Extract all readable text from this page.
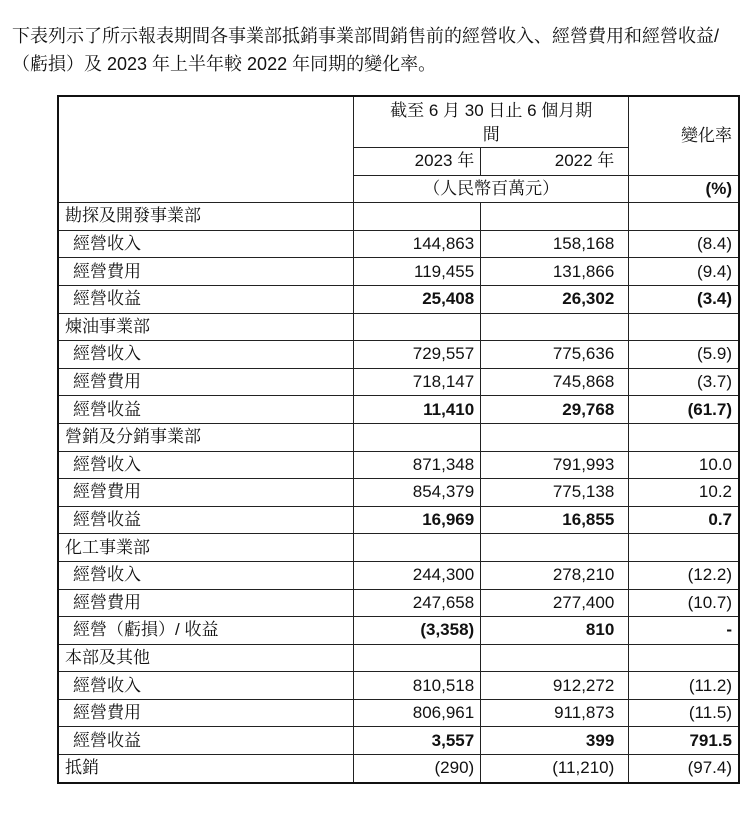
下表列示了所示報表期間各事業部抵銷事業部間銷售前的經營收入、經營費用和經營收益/（虧損）及 2023 年上半年較 2022 年同期的變化率。
	截至 6 月 30 日止 6 個月期間		變化率
	2023 年	2022 年	
	（人民幣百萬元）		(%)
勘探及開發事業部			
經營收入	144,863	158,168	(8.4)
經營費用	119,455	131,866	(9.4)
經營收益	25,408	26,302	(3.4)
煉油事業部			
經營收入	729,557	775,636	(5.9)
經營費用	718,147	745,868	(3.7)
經營收益	11,410	29,768	(61.7)
營銷及分銷事業部			
經營收入	871,348	791,993	10.0
經營費用	854,379	775,138	10.2
經營收益	16,969	16,855	0.7
化工事業部			
經營收入	244,300	278,210	(12.2)
經營費用	247,658	277,400	(10.7)
經營（虧損）/ 收益	(3,358)	810	-
本部及其他			
經營收入	810,518	912,272	(11.2)
經營費用	806,961	911,873	(11.5)
經營收益	3,557	399	791.5
抵銷	(290)	(11,210)	(97.4)
